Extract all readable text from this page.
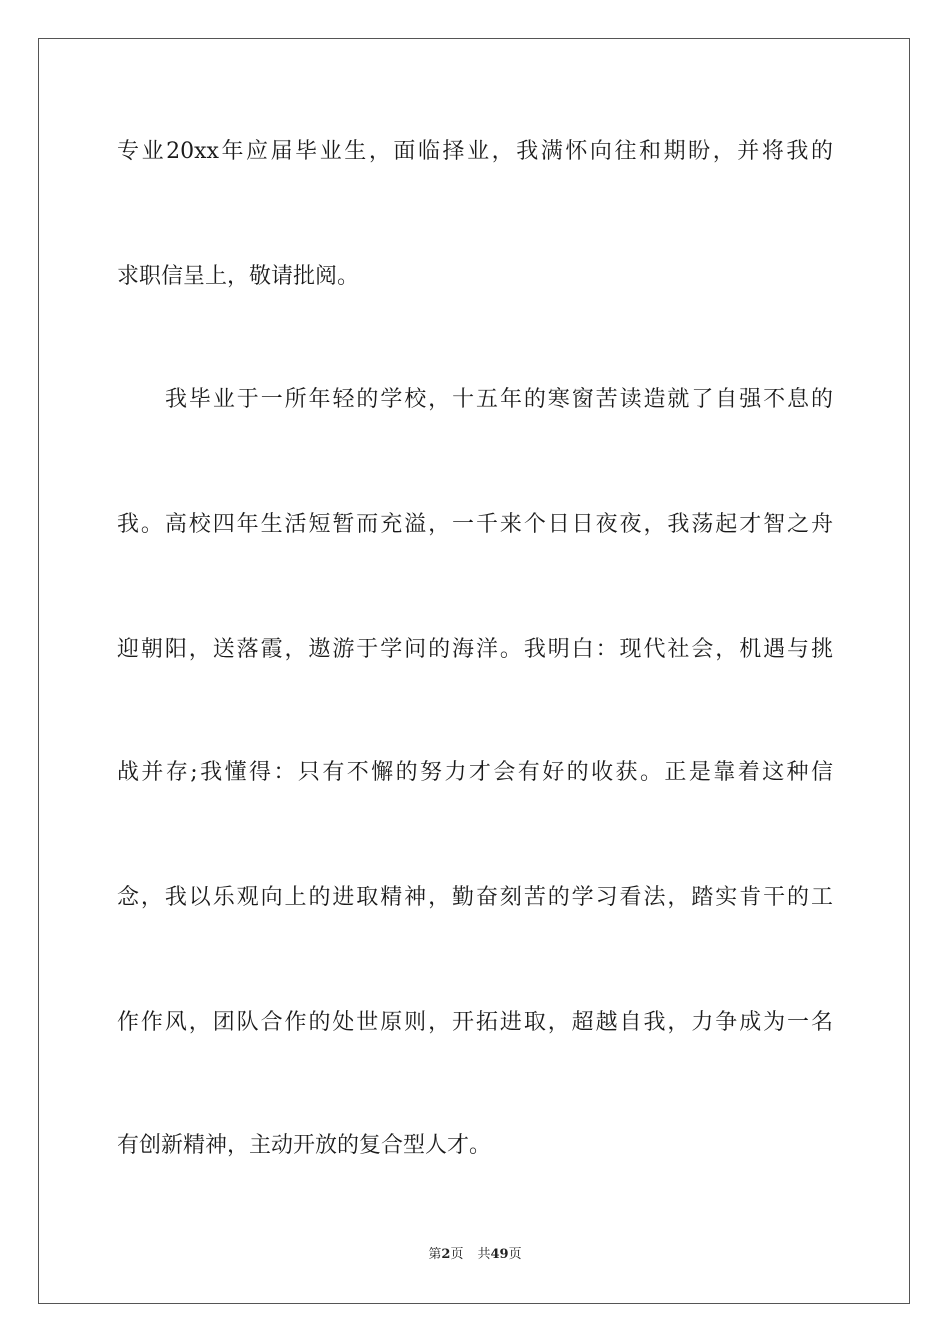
专业20xx年应届毕业生，面临择业，我满怀向往和期盼，并将我的
求职信呈上，敬请批阅。
我毕业于一所年轻的学校，十五年的寒窗苦读造就了自强不息的
我。高校四年生活短暂而充溢，一千来个日日夜夜，我荡起才智之舟
迎朝阳，送落霞，遨游于学问的海洋。我明白：现代社会，机遇与挑
战并存;我懂得：只有不懈的努力才会有好的收获。正是靠着这种信
念，我以乐观向上的进取精神，勤奋刻苦的学习看法，踏实肯干的工
作作风，团队合作的处世原则，开拓进取，超越自我，力争成为一名
有创新精神，主动开放的复合型人才。
第2页 共49页
